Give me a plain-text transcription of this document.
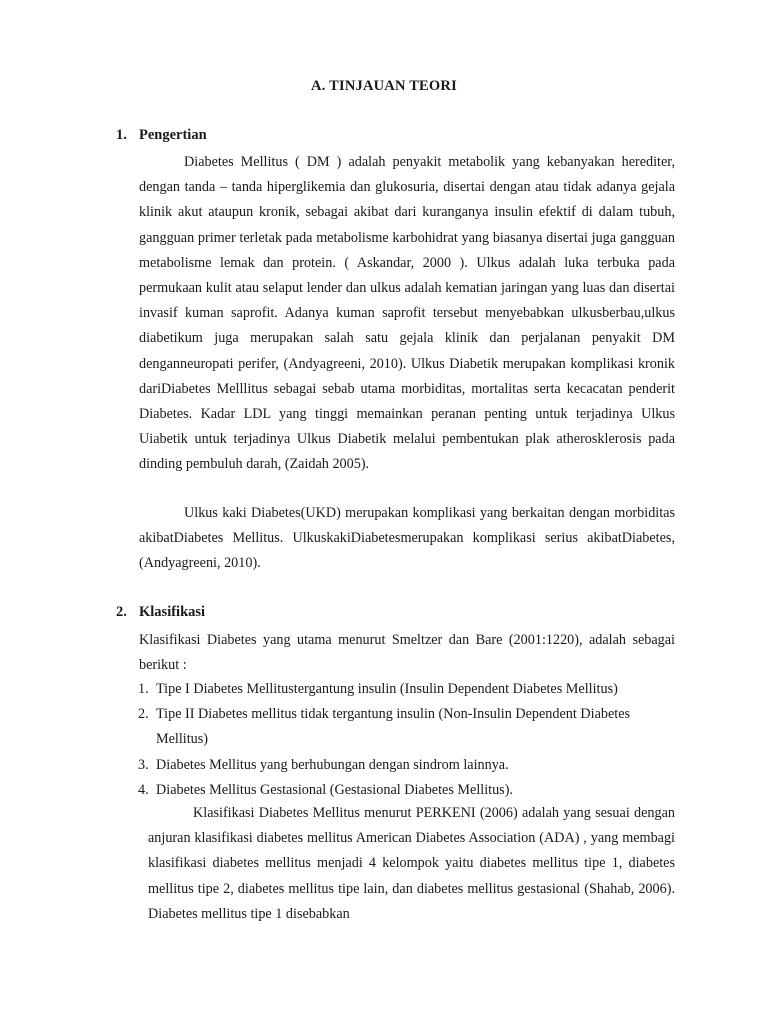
A. TINJAUAN TEORI
1. Pengertian

Diabetes Mellitus ( DM ) adalah penyakit metabolik yang kebanyakan herediter, dengan tanda – tanda hiperglikemia dan glukosuria, disertai dengan atau tidak adanya gejala klinik akut ataupun kronik, sebagai akibat dari kuranganya insulin efektif di dalam tubuh, gangguan primer terletak pada metabolisme karbohidrat yang biasanya disertai juga gangguan metabolisme lemak dan protein. ( Askandar, 2000 ). Ulkus adalah luka terbuka pada permukaan kulit atau selaput lender dan ulkus adalah kematian jaringan yang luas dan disertai invasif kuman saprofit. Adanya kuman saprofit tersebut menyebabkan ulkusberbau,ulkus diabetikum juga merupakan salah satu gejala klinik dan perjalanan penyakit DM denganneuropati perifer, (Andyagreeni, 2010). Ulkus Diabetik merupakan komplikasi kronik dariDiabetes Melllitus sebagai sebab utama morbiditas, mortalitas serta kecacatan penderit Diabetes. Kadar LDL yang tinggi memainkan peranan penting untuk terjadinya Ulkus Uiabetik untuk terjadinya Ulkus Diabetik melalui pembentukan plak atherosklerosis pada dinding pembuluh darah, (Zaidah 2005).

Ulkus kaki Diabetes(UKD) merupakan komplikasi yang berkaitan dengan morbiditas akibatDiabetes Mellitus. UlkuskakiDiabetesmerupakan komplikasi serius akibatDiabetes, (Andyagreeni, 2010).

2. Klasifikasi

Klasifikasi Diabetes yang utama menurut Smeltzer dan Bare (2001:1220), adalah sebagai berikut :

1. Tipe I Diabetes Mellitustergantung insulin (Insulin Dependent Diabetes Mellitus)
2. Tipe II Diabetes mellitus tidak tergantung insulin (Non-Insulin Dependent Diabetes Mellitus)
3. Diabetes Mellitus yang berhubungan dengan sindrom lainnya.
4. Diabetes Mellitus Gestasional (Gestasional Diabetes Mellitus).

Klasifikasi Diabetes Mellitus menurut PERKENI (2006) adalah yang sesuai dengan anjuran klasifikasi diabetes mellitus American Diabetes Association (ADA) , yang membagi klasifikasi diabetes mellitus menjadi 4 kelompok yaitu diabetes mellitus tipe 1, diabetes mellitus tipe 2, diabetes mellitus tipe lain, dan diabetes mellitus gestasional (Shahab, 2006). Diabetes mellitus tipe 1 disebabkan
